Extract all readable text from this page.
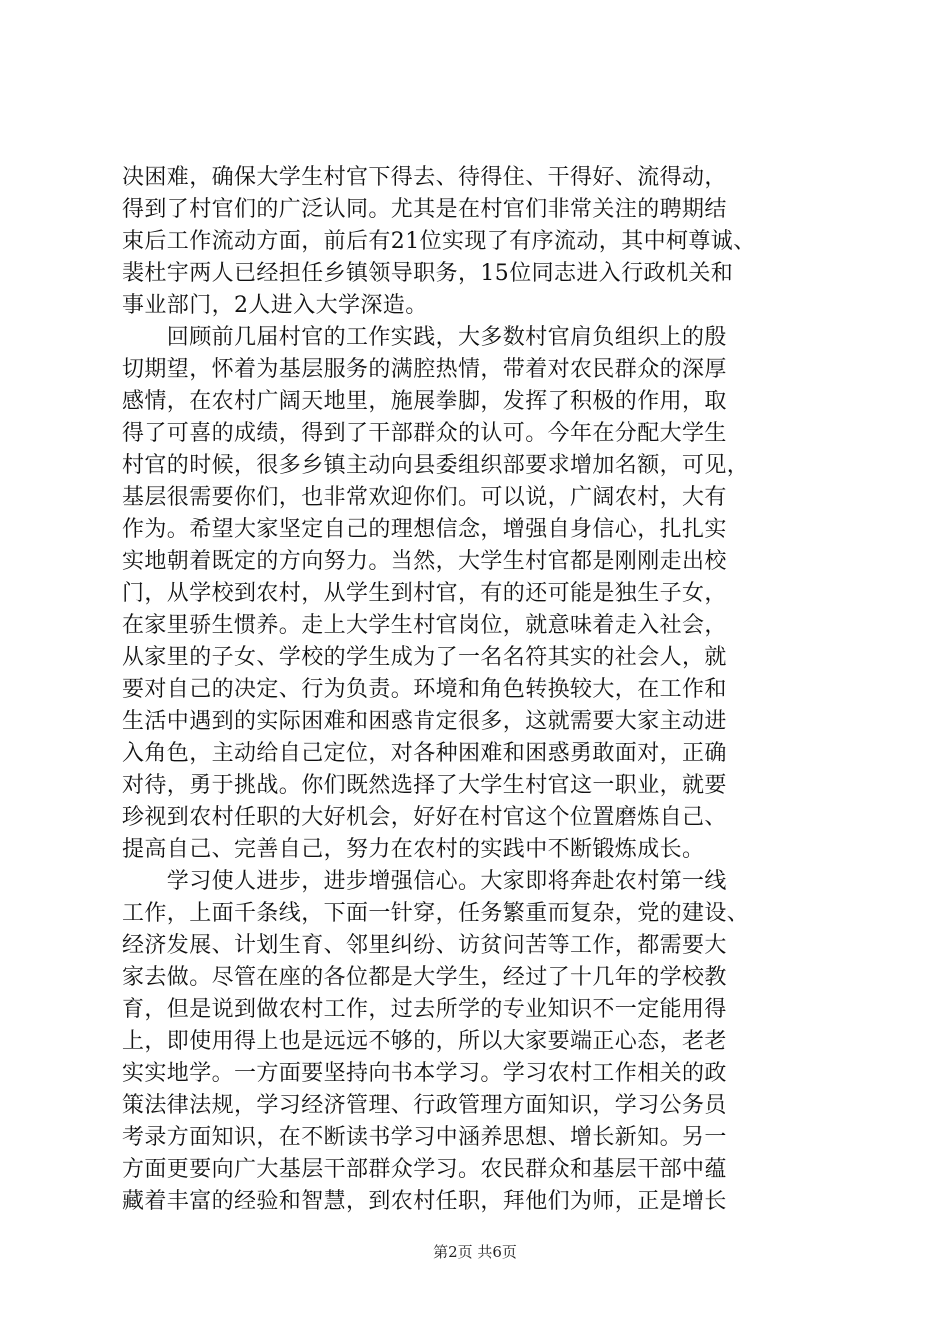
决困难，确保大学生村官下得去、待得住、干得好、流得动，
得到了村官们的广泛认同。尤其是在村官们非常关注的聘期结
束后工作流动方面，前后有21位实现了有序流动，其中柯尊诚、
裴杜宇两人已经担任乡镇领导职务，15位同志进入行政机关和
事业部门，2人进入大学深造。
　　回顾前几届村官的工作实践，大多数村官肩负组织上的殷
切期望，怀着为基层服务的满腔热情，带着对农民群众的深厚
感情，在农村广阔天地里，施展拳脚，发挥了积极的作用，取
得了可喜的成绩，得到了干部群众的认可。今年在分配大学生
村官的时候，很多乡镇主动向县委组织部要求增加名额，可见，
基层很需要你们，也非常欢迎你们。可以说，广阔农村，大有
作为。希望大家坚定自己的理想信念，增强自身信心，扎扎实
实地朝着既定的方向努力。当然，大学生村官都是刚刚走出校
门，从学校到农村，从学生到村官，有的还可能是独生子女，
在家里骄生惯养。走上大学生村官岗位，就意味着走入社会，
从家里的子女、学校的学生成为了一名名符其实的社会人，就
要对自己的决定、行为负责。环境和角色转换较大，在工作和
生活中遇到的实际困难和困惑肯定很多，这就需要大家主动进
入角色，主动给自己定位，对各种困难和困惑勇敢面对，正确
对待，勇于挑战。你们既然选择了大学生村官这一职业，就要
珍视到农村任职的大好机会，好好在村官这个位置磨炼自己、
提高自己、完善自己，努力在农村的实践中不断锻炼成长。
　　学习使人进步，进步增强信心。大家即将奔赴农村第一线
工作，上面千条线，下面一针穿，任务繁重而复杂，党的建设、
经济发展、计划生育、邻里纠纷、访贫问苦等工作，都需要大
家去做。尽管在座的各位都是大学生，经过了十几年的学校教
育，但是说到做农村工作，过去所学的专业知识不一定能用得
上，即使用得上也是远远不够的，所以大家要端正心态，老老
实实地学。一方面要坚持向书本学习。学习农村工作相关的政
策法律法规，学习经济管理、行政管理方面知识，学习公务员
考录方面知识，在不断读书学习中涵养思想、增长新知。另一
方面更要向广大基层干部群众学习。农民群众和基层干部中蕴
藏着丰富的经验和智慧，到农村任职，拜他们为师，正是增长
第2页 共6页
